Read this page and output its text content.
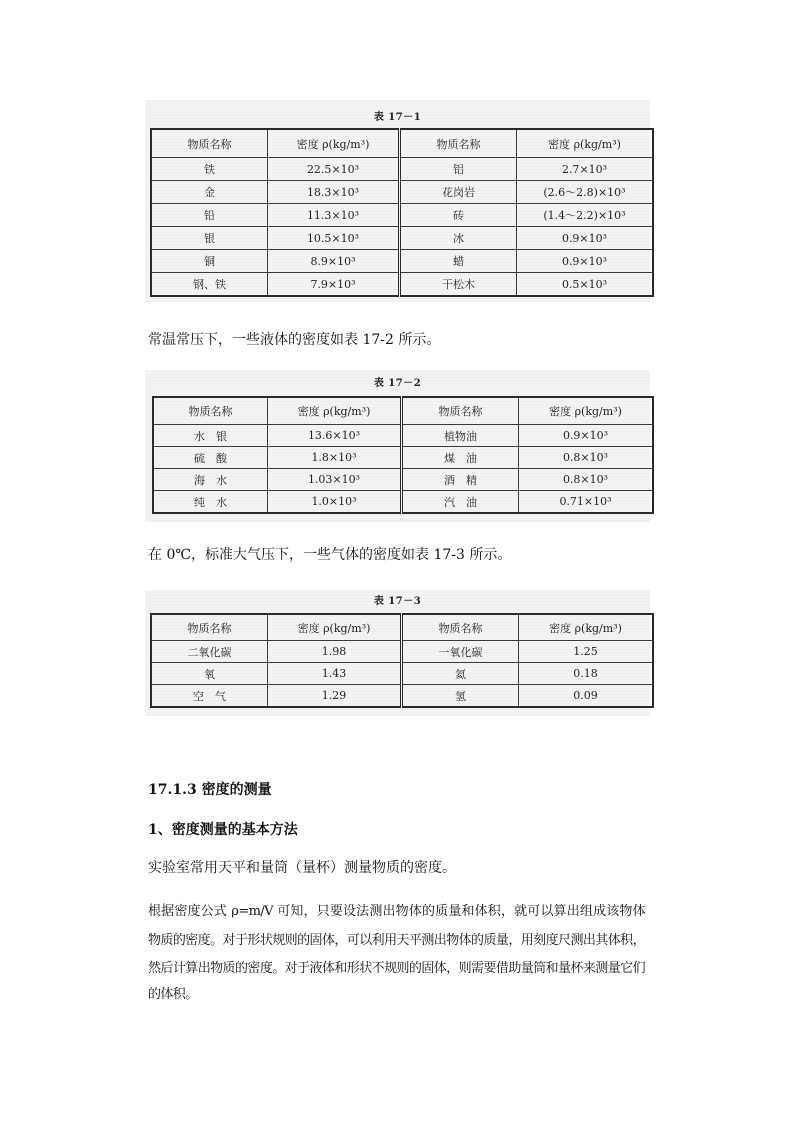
表 17－1
物质名称	密度 ρ(kg/m³)	物质名称	密度 ρ(kg/m³)
铁	22.5×10³	铝	2.7×10³
金	18.3×10³	花岗岩	(2.6～2.8)×10³
铅	11.3×10³	砖	(1.4～2.2)×10³
银	10.5×10³	冰	0.9×10³
铜	8.9×10³	蜡	0.9×10³
钢、铁	7.9×10³	干松木	0.5×10³
常温常压下，一些液体的密度如表 17-2 所示。
表 17－2
物质名称	密度 ρ(kg/m³)	物质名称	密度 ρ(kg/m³)
水　银	13.6×10³	植物油	0.9×10³
硫　酸	1.8×10³	煤　油	0.8×10³
海　水	1.03×10³	酒　精	0.8×10³
纯　水	1.0×10³	汽　油	0.71×10³
在 0℃，标准大气压下，一些气体的密度如表 17-3 所示。
表 17－3
物质名称	密度 ρ(kg/m³)	物质名称	密度 ρ(kg/m³)
二氧化碳	1.98	一氧化碳	1.25
氧	1.43	氦	0.18
空　气	1.29	氢	0.09
17.1.3 密度的测量
1、密度测量的基本方法
实验室常用天平和量筒（量杯）测量物质的密度。
根据密度公式 ρ=m/V 可知，只要设法测出物体的质量和体积，就可以算出组成该物体
物质的密度。对于形状规则的固体，可以利用天平测出物体的质量，用刻度尺测出其体积，
然后计算出物质的密度。对于液体和形状不规则的固体，则需要借助量筒和量杯来测量它们
的体积。
